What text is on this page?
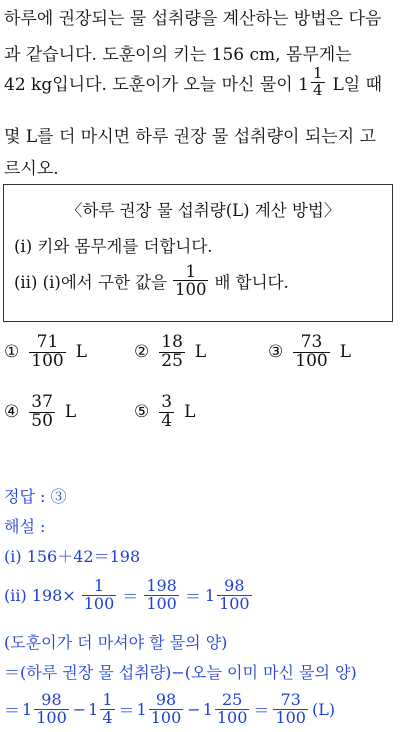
하루에 권장되는 물 섭취량을 계산하는 방법은 다음
과 같습니다. 도훈이의 키는 156 cm, 몸무게는
42 kg입니다. 도훈이가 오늘 마신 물이 $1 \frac{1}{4}$ L일 때
몇 L를 더 마시면 하루 권장 물 섭취량이 되는지 고
르시오.
〈하루 권장 물 섭취량(L) 계산 방법〉
(ⅰ) 키와 몸무게를 더합니다.
(ⅱ) (ⅰ)에서 구한 값을 $\frac{1}{100}$ 배 합니다.
① $\frac{71}{100}$ L	② $\frac{18}{25}$ L	③ $\frac{73}{100}$ L
④ $\frac{37}{50}$ L	⑤ $\frac{3}{4}$ L
정답 : ③
해설 :
(ⅰ) 156＋42＝198
(ⅱ) $198\times \frac{1}{100} = \frac{198}{100} = 1 \frac{98}{100}$
(도훈이가 더 마셔야 할 물의 양)
＝(하루 권장 물 섭취량)−(오늘 이미 마신 물의 양)
＝ $1 \frac{98}{100} - 1 \frac{1}{4} = 1 \frac{98}{100} - 1 \frac{25}{100} = \frac{73}{100} (L)$
